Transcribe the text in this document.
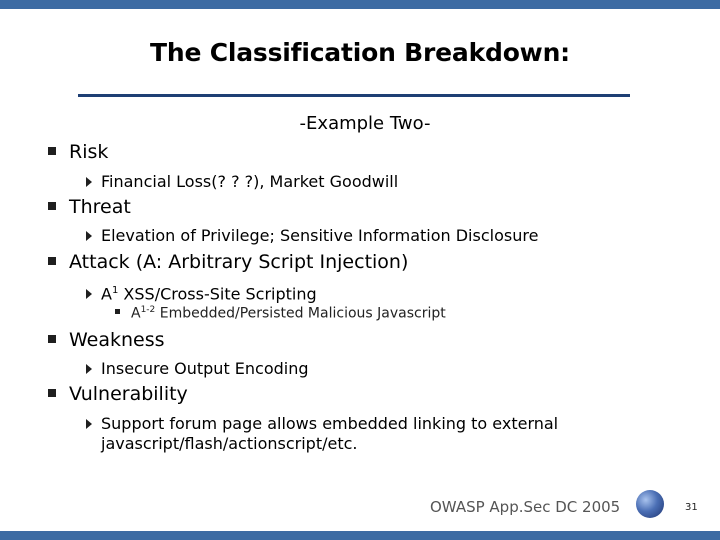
The Classification Breakdown:
-Example Two-
Risk
Financial Loss(? ? ?), Market Goodwill
Threat
Elevation of Privilege; Sensitive Information Disclosure
Attack (A: Arbitrary Script Injection)
$A^1$ XSS/Cross-Site Scripting
$A^{1-2}$ Embedded/Persisted Malicious Javascript
Weakness
Insecure Output Encoding
Vulnerability
Support forum page allows embedded linking to external
javascript/flash/actionscript/etc.
OWASP App.Sec DC 2005	31
